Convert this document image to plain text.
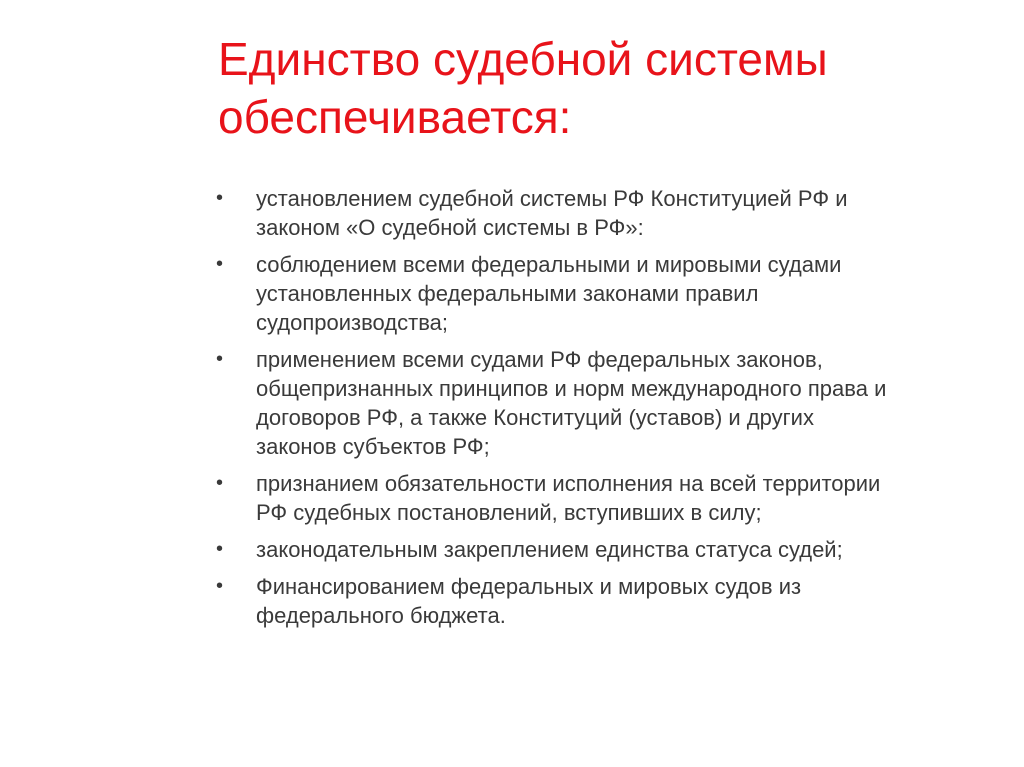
Единство судебной системы
обеспечивается:
•	установлением судебной системы РФ Конституцией РФ и
законом «О судебной системы в РФ»:
•	соблюдением всеми федеральными и мировыми судами
установленных федеральными законами правил
судопроизводства;
•	применением всеми судами РФ федеральных законов,
общепризнанных принципов и норм международного права и
договоров РФ, а также Конституций (уставов) и других
законов субъектов РФ;
•	признанием обязательности исполнения на всей территории
РФ судебных постановлений, вступивших в силу;
•	законодательным закреплением единства статуса судей;
•	Финансированием федеральных и мировых судов из
федерального бюджета.
